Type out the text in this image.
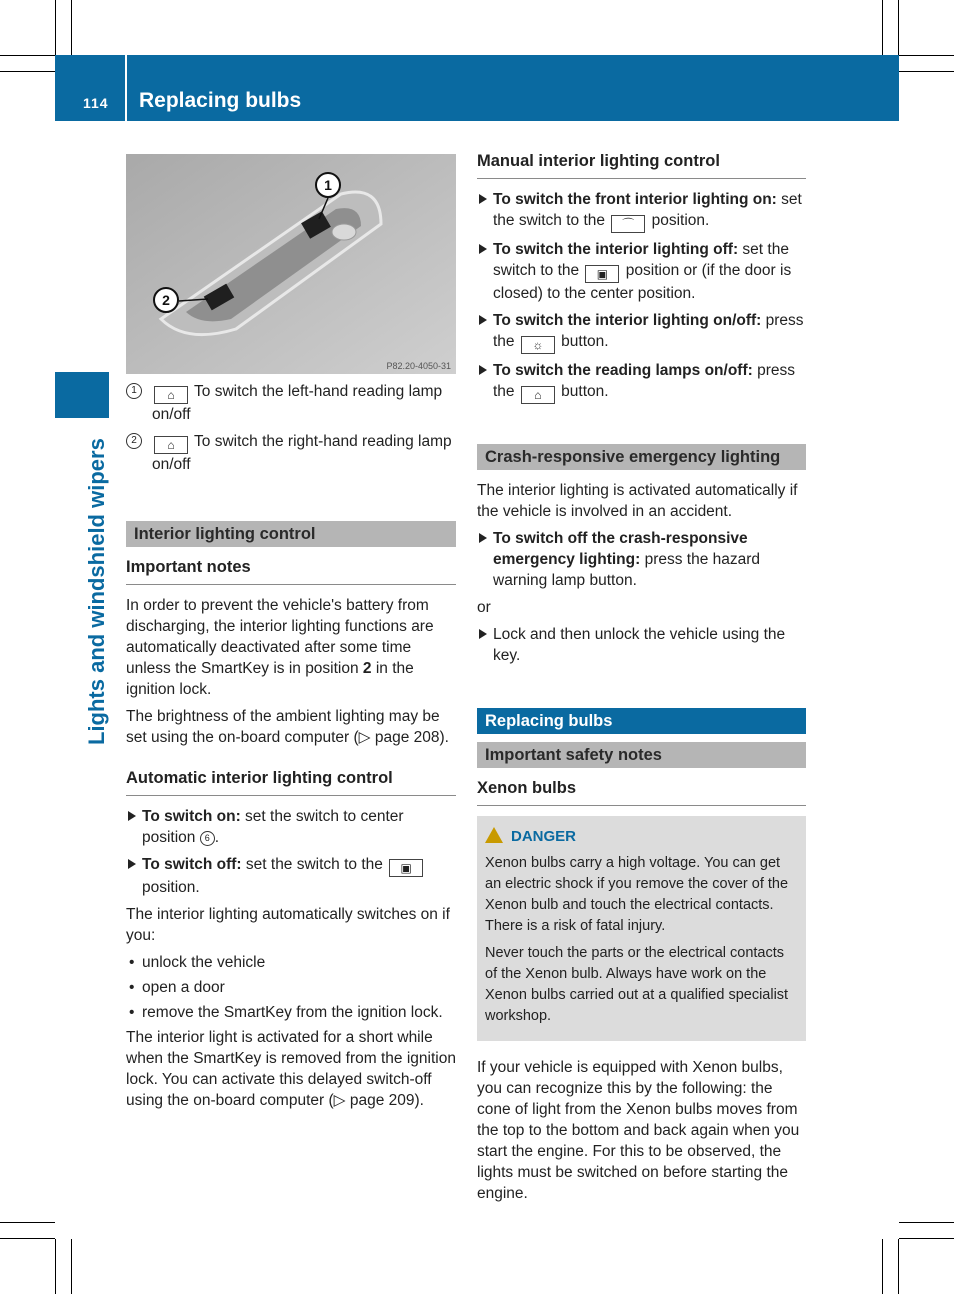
114 Replacing bulbs
Lights and windshield wipers
1
2
P82.20-4050-31
1	⌂ To switch the left-hand reading lamp on/off
2	⌂ To switch the right-hand reading lamp on/off
Interior lighting control
Important notes

In order to prevent the vehicle's battery from discharging, the interior lighting functions are automatically deactivated after some time unless the SmartKey is in position 2 in the ignition lock.

The brightness of the ambient lighting may be set using the on-board computer (▷ page 208).

Automatic interior lighting control
To switch on: set the switch to center position 6 .
To switch off: set the switch to the ▣ position.

The interior lighting automatically switches on if you:

• unlock the vehicle
• open a door
• remove the SmartKey from the ignition lock.

The interior light is activated for a short while when the SmartKey is removed from the ignition lock. You can activate this delayed switch-off using the on-board computer (▷ page 209).

Manual interior lighting control
To switch the front interior lighting on: set the switch to the ⌒ position.
To switch the interior lighting off: set the switch to the ▣ position or (if the door is closed) to the center position.
To switch the interior lighting on/off: press the ☼ button.
To switch the reading lamps on/off: press the ⌂ button.
Crash-responsive emergency lighting

The interior lighting is activated automatically if the vehicle is involved in an accident.

To switch off the crash-responsive emergency lighting: press the hazard warning lamp button.

or

Lock and then unlock the vehicle using the key.
Replacing bulbs
Important safety notes
Xenon bulbs
DANGER

Xenon bulbs carry a high voltage. You can get an electric shock if you remove the cover of the Xenon bulb and touch the electrical contacts. There is a risk of fatal injury.

Never touch the parts or the electrical contacts of the Xenon bulb. Always have work on the Xenon bulbs carried out at a qualified specialist workshop.

If your vehicle is equipped with Xenon bulbs, you can recognize this by the following: the cone of light from the Xenon bulbs moves from the top to the bottom and back again when you start the engine. For this to be observed, the lights must be switched on before starting the engine.
